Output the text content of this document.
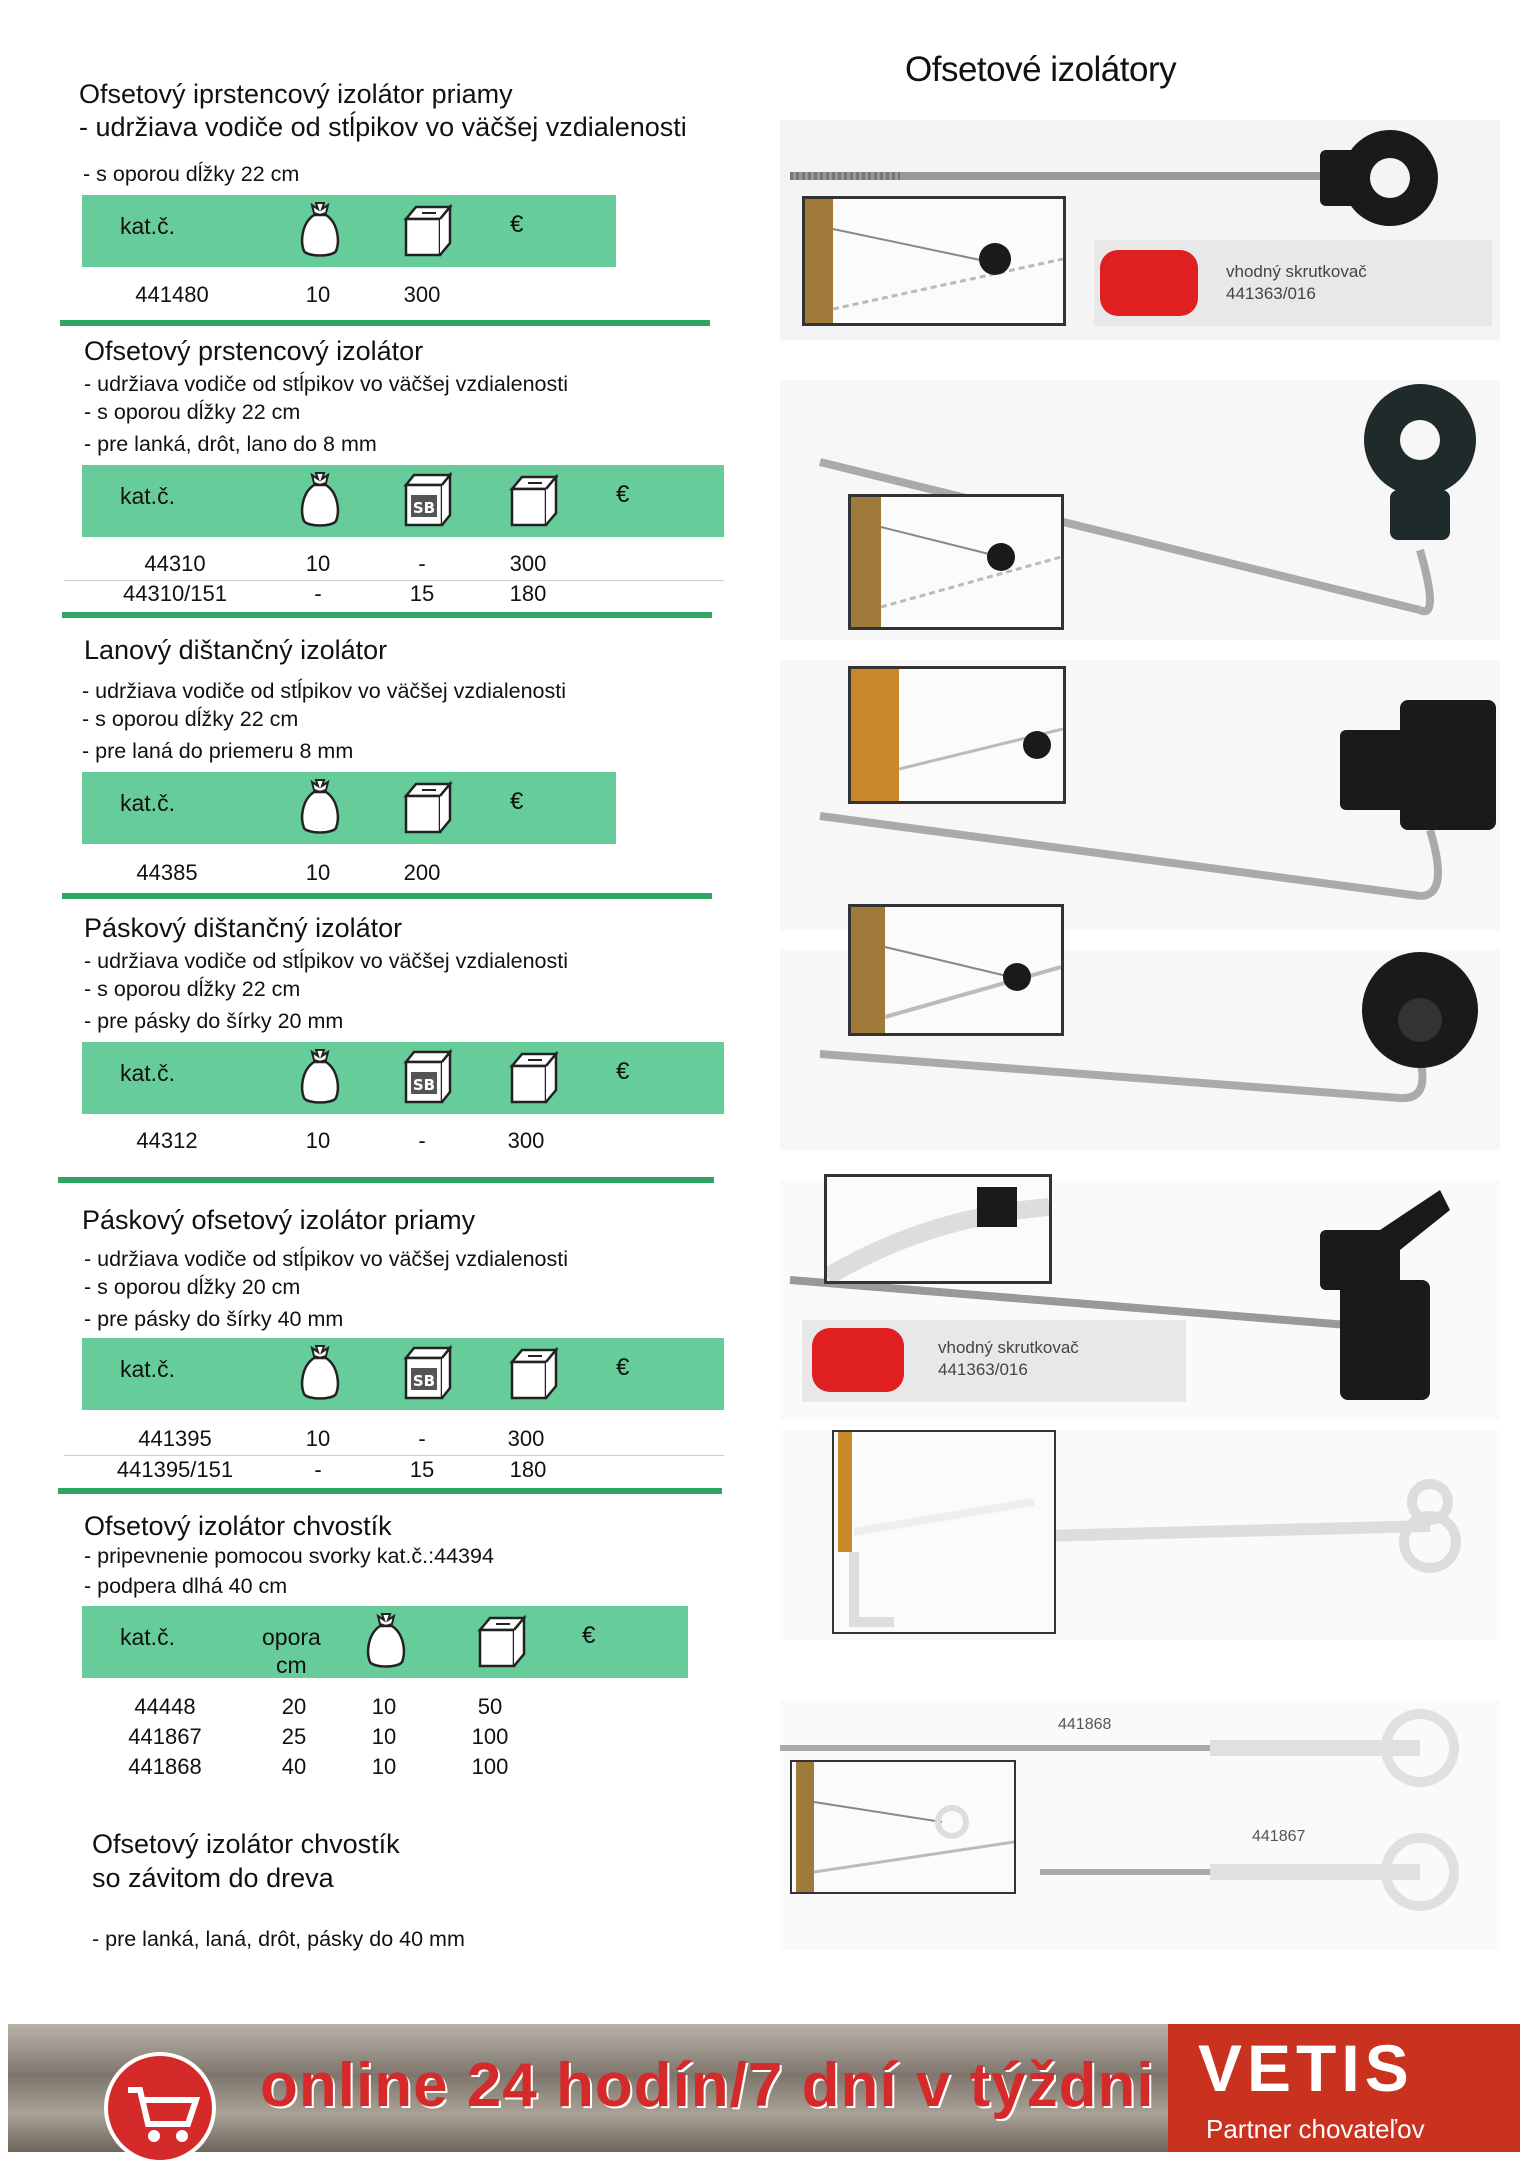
Ofsetové izolátory
Ofsetový iprstencový izolátor priamy
- udržiava vodiče od stĺpikov vo väčšej vzdialenosti
- s oporou dĺžky 22 cm
kat.č.	€
441480	10	300
Ofsetový prstencový izolátor
- udržiava vodiče od stĺpikov vo väčšej vzdialenosti
- s oporou dĺžky 22 cm
- pre lanká, drôt, lano do 8 mm
kat.č.	€
44310	10	-	300
44310/151	-	15	180
Lanový dištančný izolátor
- udržiava vodiče od stĺpikov vo väčšej vzdialenosti
- s oporou dĺžky 22 cm
- pre laná do priemeru 8 mm
kat.č.	€
44385	10	200
Páskový dištančný izolátor
- udržiava vodiče od stĺpikov vo väčšej vzdialenosti
- s oporou dĺžky 22 cm
- pre pásky do šírky 20 mm
kat.č.	€
44312	10	-	300
Páskový ofsetový izolátor priamy
- udržiava vodiče od stĺpikov vo väčšej vzdialenosti
- s oporou dĺžky 20 cm
- pre pásky do šírky 40 mm
kat.č.	€
441395	10	-	300
441395/151	-	15	180
Ofsetový izolátor chvostík
- pripevnenie pomocou svorky kat.č.:44394
- podpera dlhá 40 cm
kat.č.	opora
cm
€
44448	20	10	50
441867	25	10	100
441868	40	10	100
Ofsetový izolátor chvostík
so závitom do dreva
- pre lanká, laná, drôt, pásky do 40 mm
vhodný skrutkovač
441363/016
vhodný skrutkovač
441363/016
441868
441867
online 24 hodín/7 dní v týždni VETIS
Partner chovateľov
